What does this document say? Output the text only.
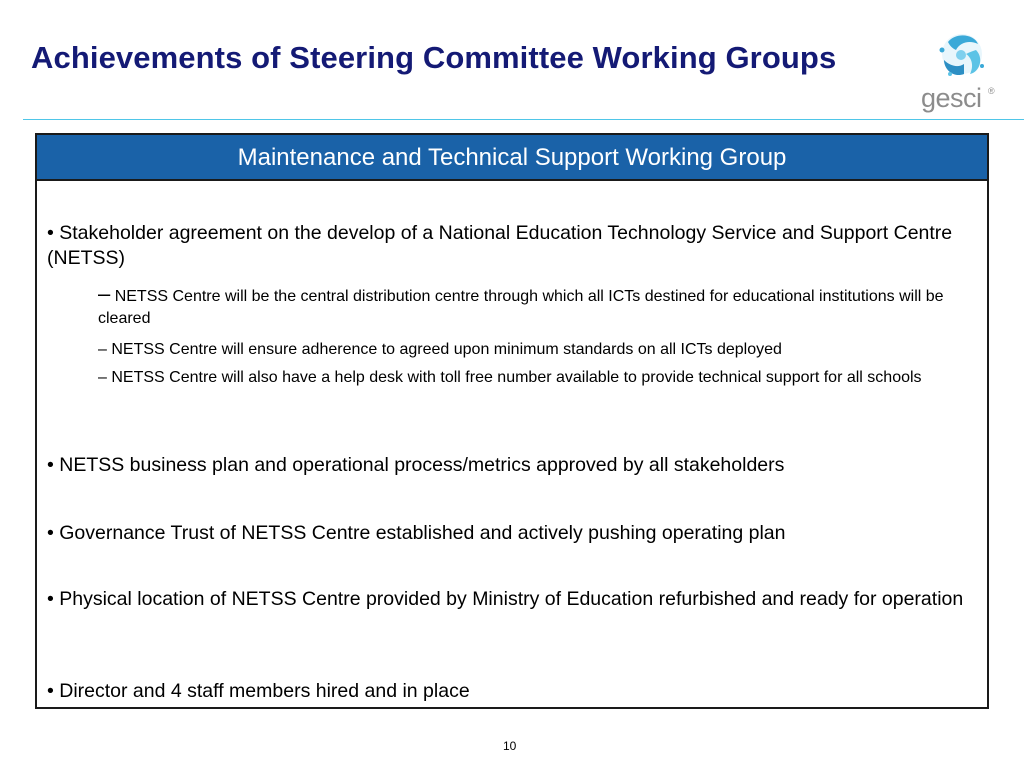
Achievements of Steering Committee Working Groups
gesci ®
Maintenance and Technical Support Working Group
• Stakeholder agreement on the develop of a National Education Technology Service and Support Centre (NETSS)
– NETSS Centre will be the central distribution centre through which all ICTs destined for educational institutions will be cleared
– NETSS Centre will ensure adherence to agreed upon minimum standards on all ICTs deployed
– NETSS Centre will also have a help desk with toll free number available to provide technical support for all schools
• NETSS business plan and operational process/metrics approved by all stakeholders
• Governance Trust of NETSS Centre established and actively pushing operating plan
• Physical location of NETSS Centre provided by Ministry of Education refurbished and ready for operation
• Director and 4 staff members hired and in place
10
